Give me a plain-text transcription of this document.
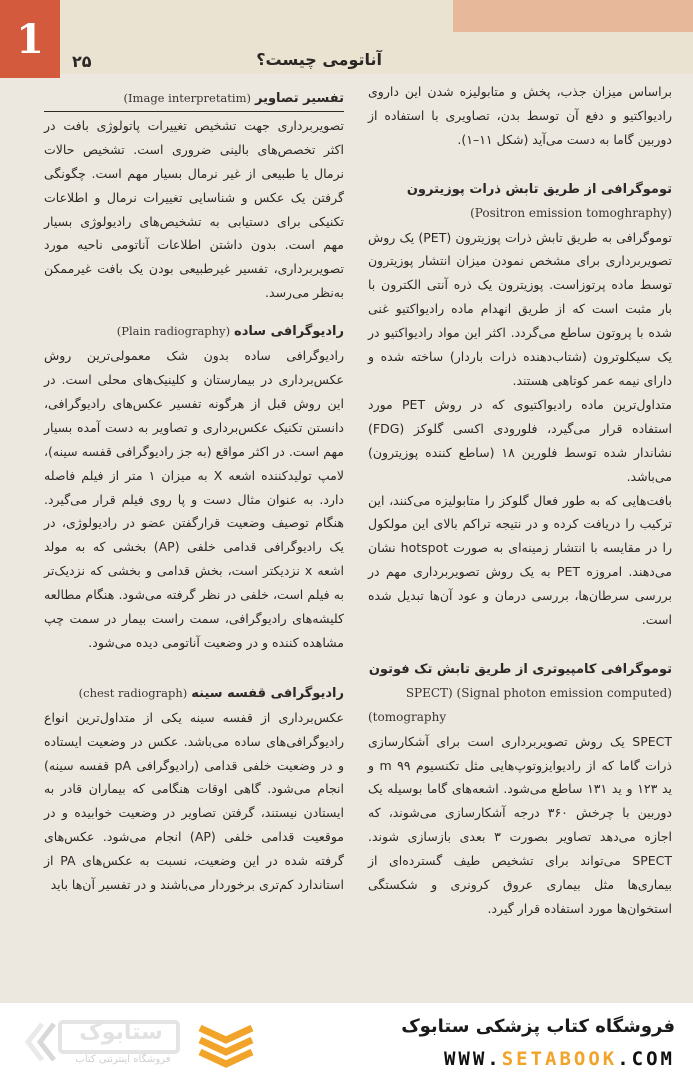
1	۲۵	آناتومی چیست؟

براساس میزان جذب، پخش و متابولیزه شدن این داروی رادیواکتیو و دفع آن توسط بدن، تصاویری با استفاده از دوربین گاما به دست می‌آید (شکل ۱۱–۱).

توموگرافی از طریق تابش ذرات پوزیترون

(Positron emission tomoghraphy)

توموگرافی به طریق تابش ذرات پوزیترون (PET) یک روش تصویربرداری برای مشخص نمودن میزان انتشار پوزیترون توسط ماده پرتوزاست. پوزیترون یک ذره آنتی الکترون با بار مثبت است که از طریق انهدام ماده رادیواکتیو غنی شده با پروتون ساطع می‌گردد. اکثر این مواد رادیواکتیو در یک سیکلوترون (شتاب‌دهنده ذرات باردار) ساخته شده و دارای نیمه عمر کوتاهی هستند.

متداول‌ترین ماده رادیواکتیوی که در روش PET مورد استفاده قرار می‌گیرد، فلورودی اکسی گلوکز (FDG) نشاندار شده توسط فلورین ۱۸ (ساطع کننده پوزیترون) می‌باشد.

بافت‌هایی که به طور فعال گلوکز را متابولیزه می‌کنند، این ترکیب را دریافت کرده و در نتیجه تراکم بالای این مولکول را در مقایسه با انتشار زمینه‌ای به صورت hotspot نشان می‌دهند. امروزه PET به یک روش تصویربرداری مهم در بررسی سرطان‌ها، بررسی درمان و عود آن‌ها تبدیل شده است.

توموگرافی کامپیوتری از طریق تابش تک فوتون

SPECT) (Signal photon emission computed)

(tomography

SPECT یک روش تصویربرداری است برای آشکارسازی ذرات گاما که از رادیوایزوتوپ‌هایی مثل تکنسیوم m ۹۹ و ید ۱۲۳ و ید ۱۳۱ ساطع می‌شود. اشعه‌های گاما بوسیله یک دوربین با چرخش ۳۶۰ درجه آشکارسازی می‌شوند، که اجازه می‌دهد تصاویر بصورت ۳ بعدی بازسازی شوند. SPECT می‌تواند برای تشخیص طیف گسترده‌ای از بیماری‌ها مثل بیماری عروق کرونری و شکستگی استخوان‌ها مورد استفاده قرار گیرد.

تفسیر تصاویر (Image interpretatim)

تصویربرداری جهت تشخیص تغییرات پاتولوژی بافت در اکثر تخصص‌های بالینی ضروری است. تشخیص حالات نرمال یا طبیعی از غیر نرمال بسیار مهم است. چگونگی گرفتن یک عکس و شناسایی تغییرات نرمال و اطلاعات تکنیکی برای دستیابی به تشخیص‌های رادیولوژی بسیار مهم است. بدون داشتن اطلاعات آناتومی ناحیه مورد تصویربرداری، تفسیر غیرطبیعی بودن یک بافت غیرممکن به‌نظر می‌رسد.

رادیوگرافی ساده (Plain radiography)

رادیوگرافی ساده بدون شک معمولی‌ترین روش عکس‌برداری در بیمارستان و کلینیک‌های محلی است. در این روش قبل از هرگونه تفسیر عکس‌های رادیوگرافی، دانستن تکنیک عکس‌برداری و تصاویر به دست آمده بسیار مهم است. در اکثر مواقع (به جز رادیوگرافی قفسه سینه)، لامپ تولیدکننده اشعه X به میزان ۱ متر از فیلم فاصله دارد. به عنوان مثال دست و پا روی فیلم قرار می‌گیرد. هنگام توصیف وضعیت قرارگفتن عضو در رادیولوژی، در یک رادیوگرافی قدامی خلفی (AP) بخشی که به مولد اشعه x نزدیکتر است، بخش قدامی و بخشی که نزدیک‌تر به فیلم است، خلفی در نظر گرفته می‌شود. هنگام مطالعه کلیشه‌های رادیوگرافی، سمت راست بیمار در سمت چپ مشاهده کننده و در وضعیت آناتومی دیده می‌شود.

رادیوگرافی قفسه سینه (chest radiograph)

عکس‌برداری از قفسه سینه یکی از متداول‌ترین انواع رادیوگرافی‌های ساده می‌باشد. عکس در وضعیت ایستاده و در وضعیت خلفی قدامی (رادیوگرافی pA قفسه سینه) انجام می‌شود. گاهی اوقات هنگامی که بیماران قادر به ایستادن نیستند، گرفتن تصاویر در وضعیت خوابیده و در موقعیت قدامی خلفی (AP) انجام می‌شود. عکس‌های گرفته شده در این وضعیت، نسبت به عکس‌های PA از استاندارد کم‌تری برخوردار می‌باشند و در تفسیر آن‌ها باید

ستابوک
فروشگاه اینترنتی کتاب
فروشگاه کتاب پزشکی ستابوک
WWW.SETABOOK.COM
